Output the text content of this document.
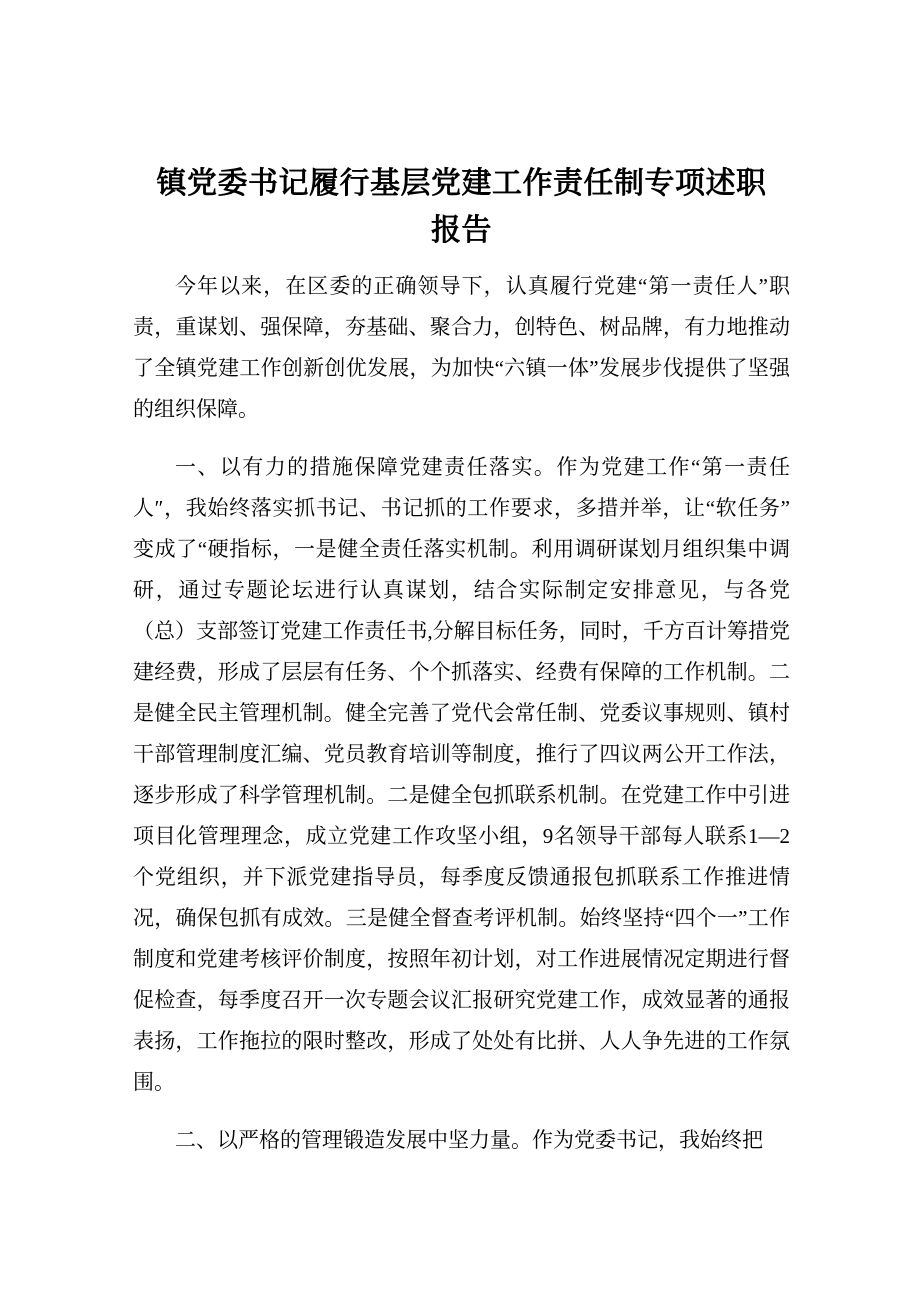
镇党委书记履行基层党建工作责任制专项述职
报告

今年以来，在区委的正确领导下，认真履行党建“第一责任人”职责，重谋划、强保障，夯基础、聚合力，创特色、树品牌，有力地推动了全镇党建工作创新创优发展，为加快“六镇一体”发展步伐提供了坚强的组织保障。

一、以有力的措施保障党建责任落实。作为党建工作“第一责任人″，我始终落实抓书记、书记抓的工作要求，多措并举，让“软任务”变成了“硬指标，一是健全责任落实机制。利用调研谋划月组织集中调研，通过专题论坛进行认真谋划，结合实际制定安排意见，与各党（总）支部签订党建工作责任书,分解目标任务，同时，千方百计筹措党建经费，形成了层层有任务、个个抓落实、经费有保障的工作机制。二是健全民主管理机制。健全完善了党代会常任制、党委议事规则、镇村干部管理制度汇编、党员教育培训等制度，推行了四议两公开工作法，逐步形成了科学管理机制。二是健全包抓联系机制。在党建工作中引进项目化管理理念，成立党建工作攻坚小组，9名领导干部每人联系1—2个党组织，并下派党建指导员，每季度反馈通报包抓联系工作推进情况，确保包抓有成效。三是健全督查考评机制。始终坚持“四个一”工作制度和党建考核评价制度，按照年初计划，对工作进展情况定期进行督促检查，每季度召开一次专题会议汇报研究党建工作，成效显著的通报表扬，工作拖拉的限时整改，形成了处处有比拼、人人争先进的工作氛围。

二、以严格的管理锻造发展中坚力量。作为党委书记，我始终把
